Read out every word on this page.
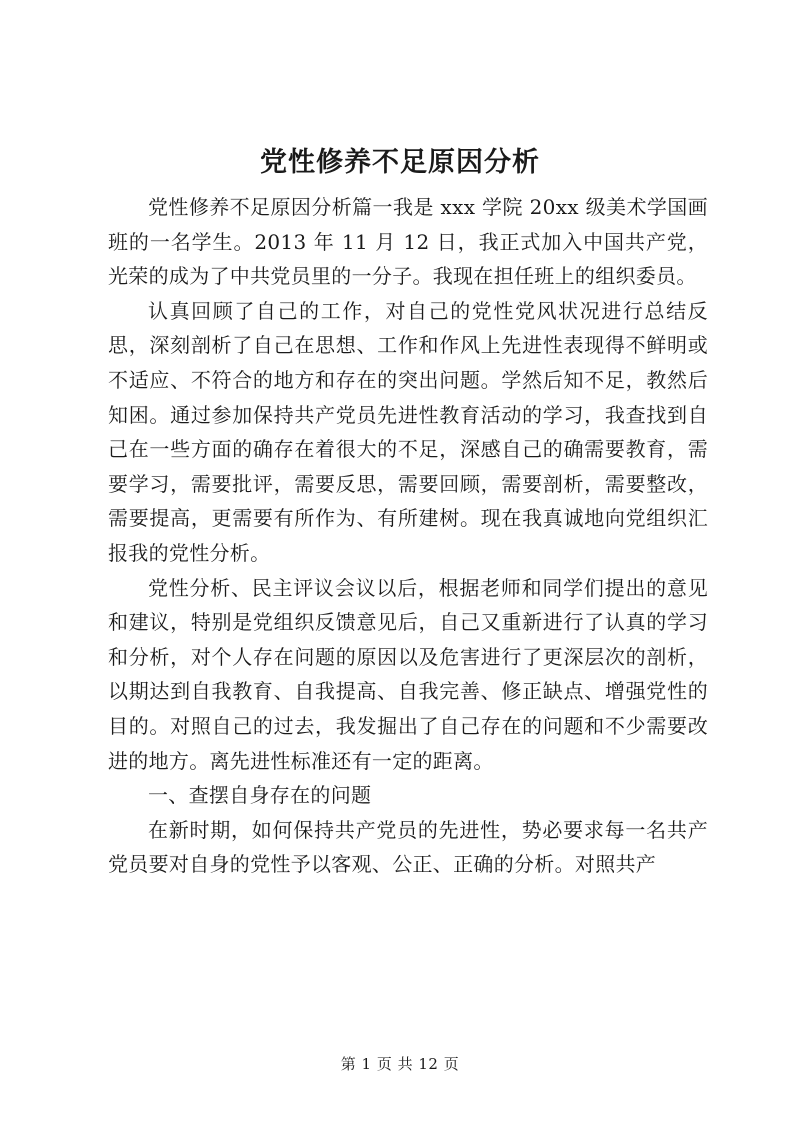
党性修养不足原因分析

党性修养不足原因分析篇一我是 xxx 学院 20xx 级美术学国画班的一名学生。2013 年 11 月 12 日，我正式加入中国共产党，光荣的成为了中共党员里的一分子。我现在担任班上的组织委员。

认真回顾了自己的工作，对自己的党性党风状况进行总结反思，深刻剖析了自己在思想、工作和作风上先进性表现得不鲜明或不适应、不符合的地方和存在的突出问题。学然后知不足，教然后知困。通过参加保持共产党员先进性教育活动的学习，我查找到自己在一些方面的确存在着很大的不足，深感自己的确需要教育，需要学习，需要批评，需要反思，需要回顾，需要剖析，需要整改，需要提高，更需要有所作为、有所建树。现在我真诚地向党组织汇报我的党性分析。

党性分析、民主评议会议以后，根据老师和同学们提出的意见和建议，特别是党组织反馈意见后，自己又重新进行了认真的学习和分析，对个人存在问题的原因以及危害进行了更深层次的剖析，以期达到自我教育、自我提高、自我完善、修正缺点、增强党性的目的。对照自己的过去，我发掘出了自己存在的问题和不少需要改进的地方。离先进性标准还有一定的距离。

一、查摆自身存在的问题

在新时期，如何保持共产党员的先进性，势必要求每一名共产党员要对自身的党性予以客观、公正、正确的分析。对照共产

第 1 页 共 12 页
